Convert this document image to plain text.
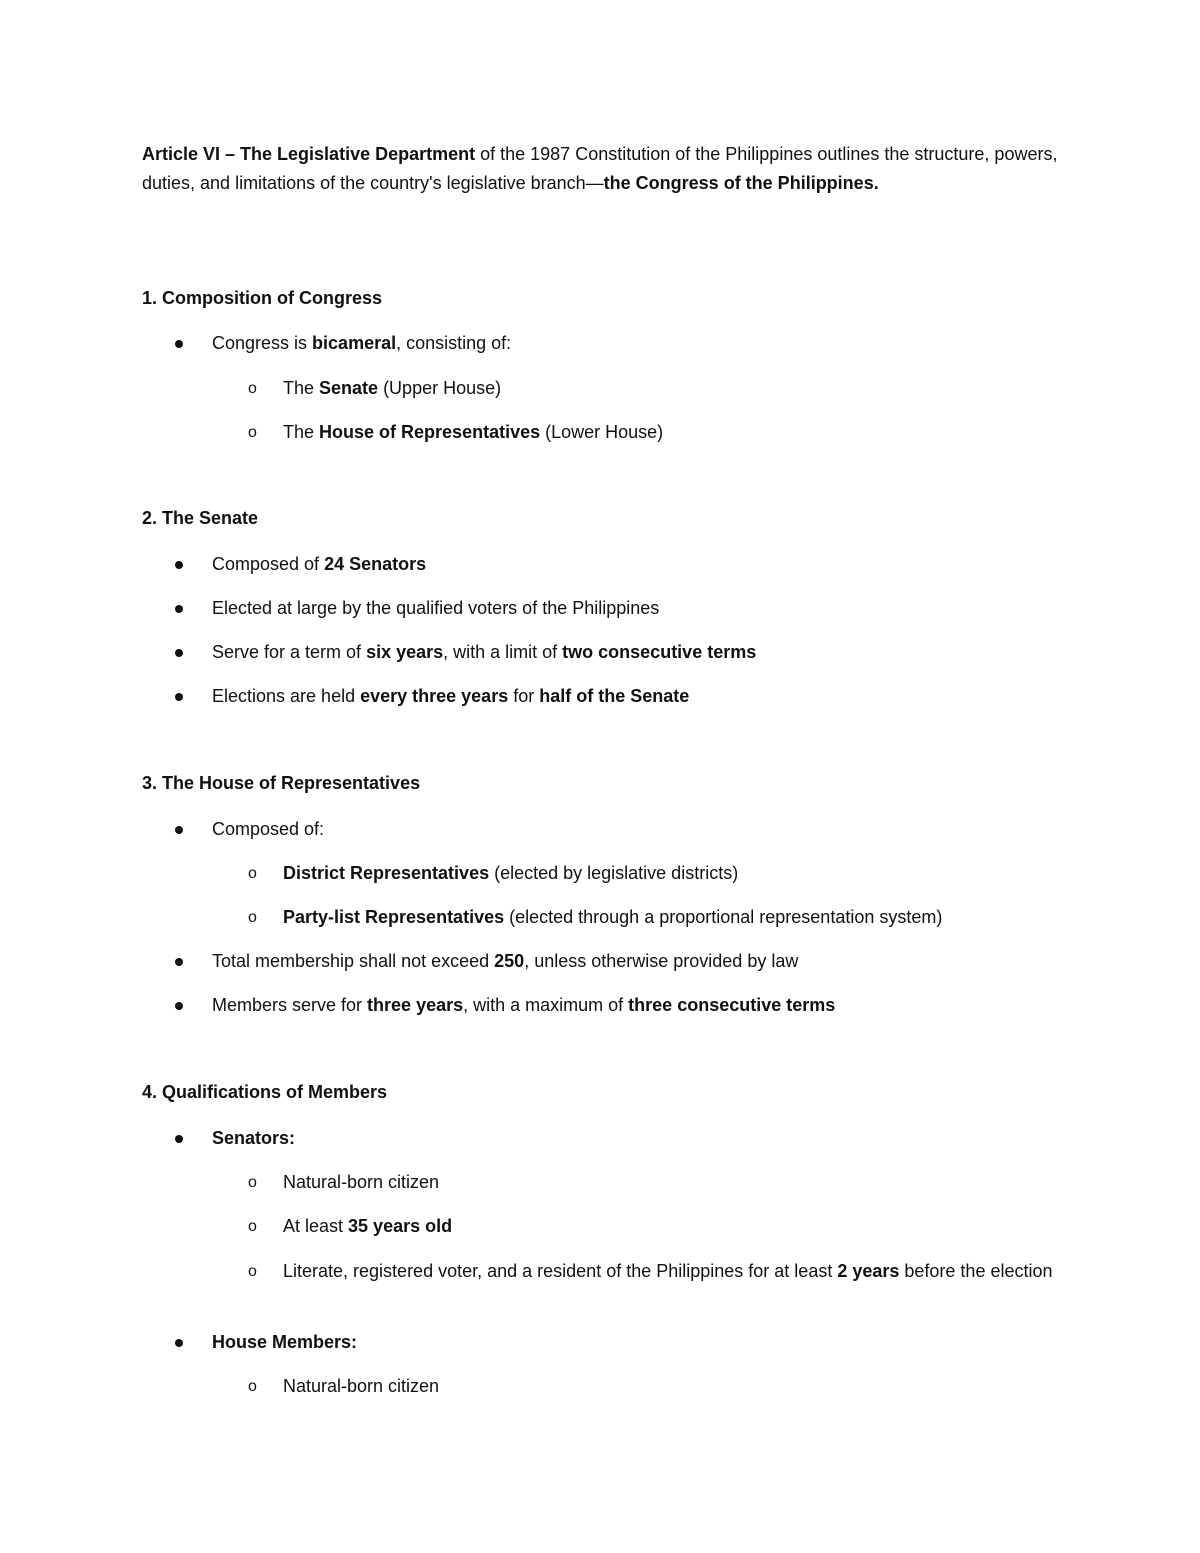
Article VI – The Legislative Department of the 1987 Constitution of the Philippines outlines the structure, powers, duties, and limitations of the country's legislative branch—the Congress of the Philippines.

1. Composition of Congress

Congress is bicameral, consisting of:

o The Senate (Upper House)

o The House of Representatives (Lower House)

2. The Senate

Composed of 24 Senators

Elected at large by the qualified voters of the Philippines

Serve for a term of six years, with a limit of two consecutive terms

Elections are held every three years for half of the Senate

3. The House of Representatives

Composed of:

o District Representatives (elected by legislative districts)

o Party-list Representatives (elected through a proportional representation system)

Total membership shall not exceed 250, unless otherwise provided by law

Members serve for three years, with a maximum of three consecutive terms

4. Qualifications of Members

Senators:

o Natural-born citizen

o At least 35 years old

o Literate, registered voter, and a resident of the Philippines for at least 2 years before the election

House Members:

o Natural-born citizen
